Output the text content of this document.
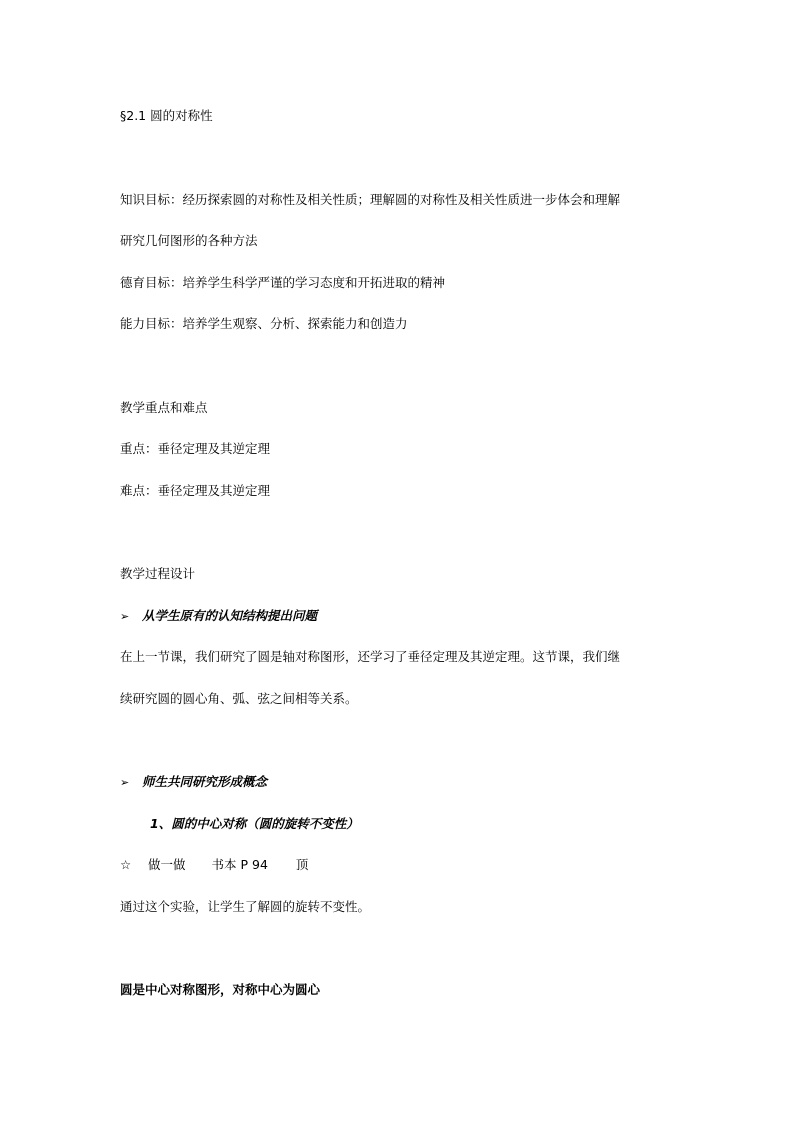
§2.1 圆的对称性
知识目标：经历探索圆的对称性及相关性质；理解圆的对称性及相关性质进一步体会和理解
研究几何图形的各种方法
德育目标：培养学生科学严谨的学习态度和开拓进取的精神
能力目标：培养学生观察、分析、探索能力和创造力
教学重点和难点
重点：垂径定理及其逆定理
难点：垂径定理及其逆定理
教学过程设计
➢ 从学生原有的认知结构提出问题
在上一节课，我们研究了圆是轴对称图形，还学习了垂径定理及其逆定理。这节课，我们继
续研究圆的圆心角、弧、弦之间相等关系。
➢ 师生共同研究形成概念
1、圆的中心对称（圆的旋转不变性）
☆ 做一做 书本 P 94 顶
通过这个实验，让学生了解圆的旋转不变性。
圆是中心对称图形，对称中心为圆心
